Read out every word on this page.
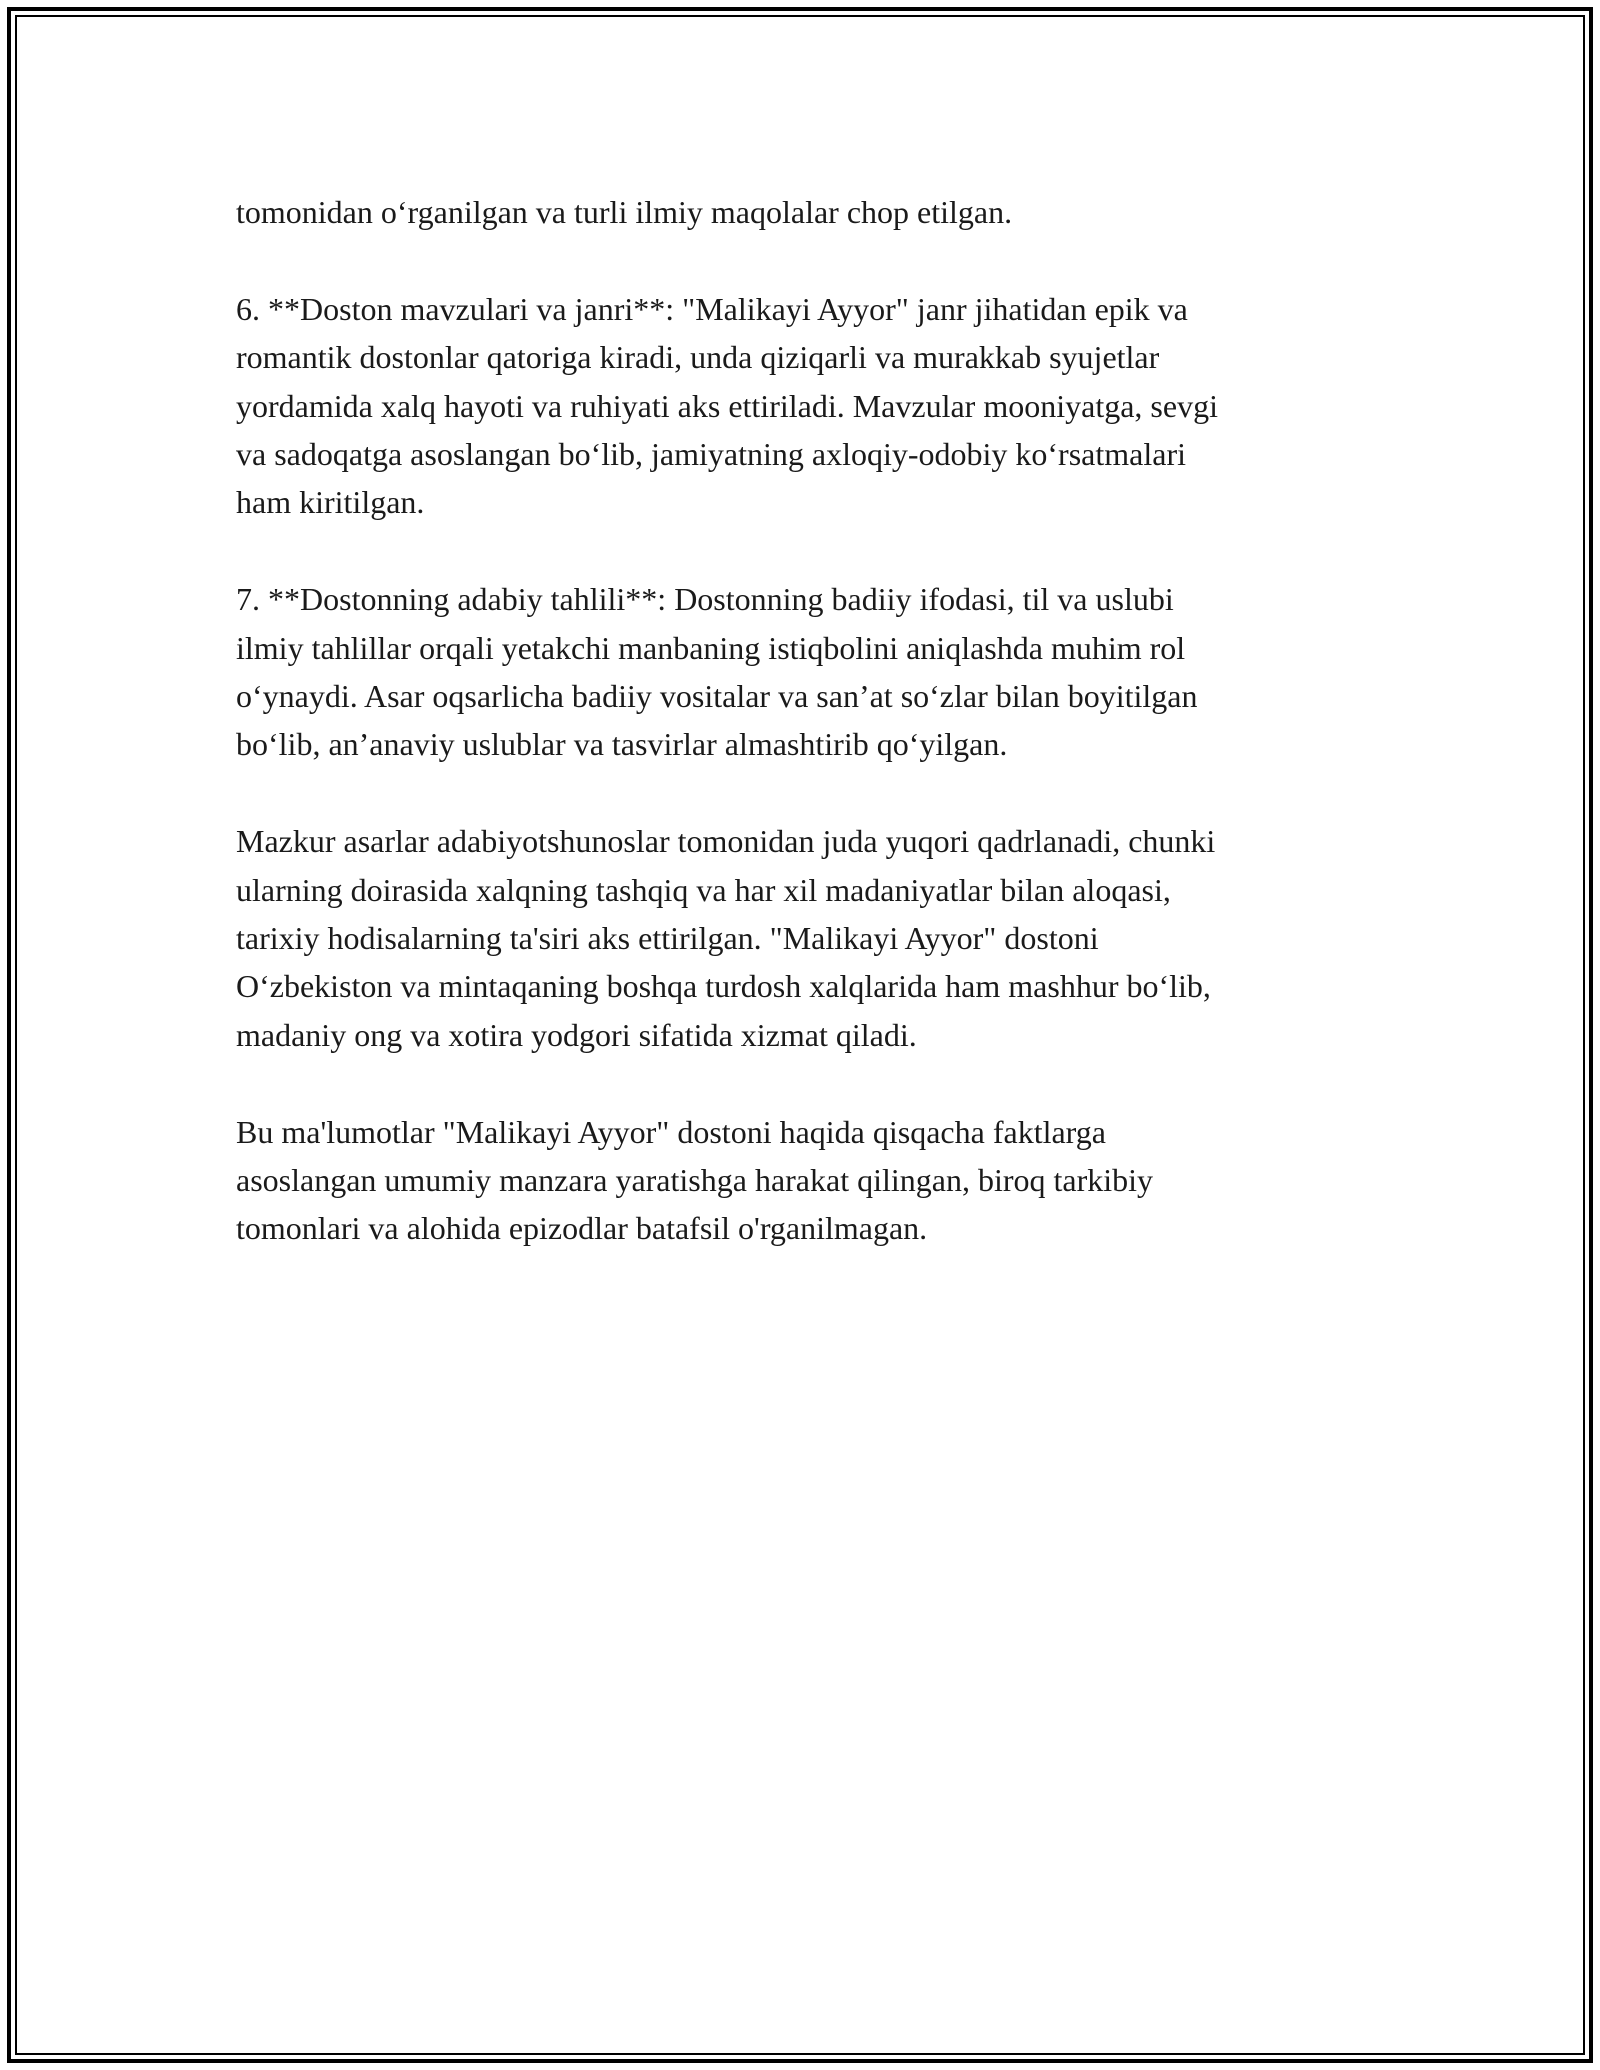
tomonidan o‘rganilgan va turli ilmiy maqolalar chop etilgan.

6. **Doston mavzulari va janri**: "Malikayi Ayyor" janr jihatidan epik va
romantik dostonlar qatoriga kiradi, unda qiziqarli va murakkab syujetlar
yordamida xalq hayoti va ruhiyati aks ettiriladi. Mavzular mooniyatga, sevgi
va sadoqatga asoslangan bo‘lib, jamiyatning axloqiy-odobiy ko‘rsatmalari
ham kiritilgan.

7. **Dostonning adabiy tahlili**: Dostonning badiiy ifodasi, til va uslubi
ilmiy tahlillar orqali yetakchi manbaning istiqbolini aniqlashda muhim rol
o‘ynaydi. Asar oqsarlicha badiiy vositalar va san’at so‘zlar bilan boyitilgan
bo‘lib, an’anaviy uslublar va tasvirlar almashtirib qo‘yilgan.

Mazkur asarlar adabiyotshunoslar tomonidan juda yuqori qadrlanadi, chunki
ularning doirasida xalqning tashqiq va har xil madaniyatlar bilan aloqasi,
tarixiy hodisalarning ta'siri aks ettirilgan. "Malikayi Ayyor" dostoni
O‘zbekiston va mintaqaning boshqa turdosh xalqlarida ham mashhur bo‘lib,
madaniy ong va xotira yodgori sifatida xizmat qiladi.

Bu ma'lumotlar "Malikayi Ayyor" dostoni haqida qisqacha faktlarga
asoslangan umumiy manzara yaratishga harakat qilingan, biroq tarkibiy
tomonlari va alohida epizodlar batafsil o'rganilmagan.
